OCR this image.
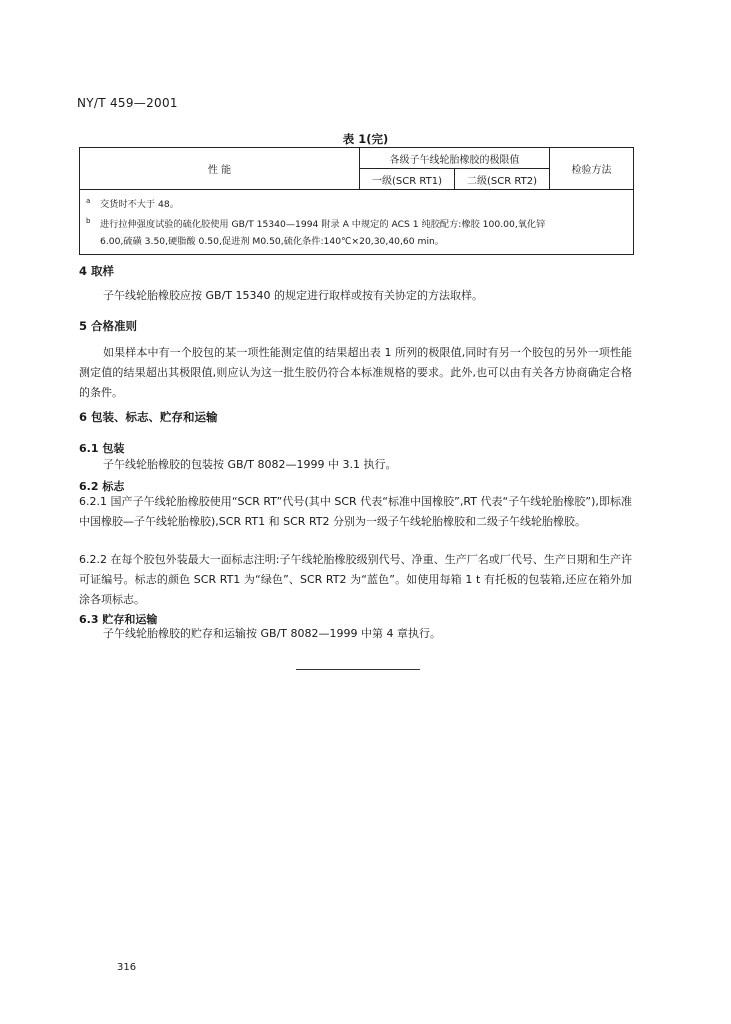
NY/T 459—2001
表 1(完)
性 能	各级子午线轮胎橡胶的极限值		检验方法
	一级(SCR RT1)	二级(SCR RT2)	

a 交货时不大于 48。
b 进行拉伸强度试验的硫化胶使用 GB/T 15340—1994 附录 A 中规定的 ACS 1 纯胶配方:橡胶 100.00,氧化锌
6.00,硫磺 3.50,硬脂酸 0.50,促进剂 M0.50,硫化条件:140℃×20,30,40,60 min。			
4 取样
子午线轮胎橡胶应按 GB/T 15340 的规定进行取样或按有关协定的方法取样。
5 合格准则
如果样本中有一个胶包的某一项性能测定值的结果超出表 1 所列的极限值,同时有另一个胶包的另外一项性能测定值的结果超出其极限值,则应认为这一批生胶仍符合本标准规格的要求。此外,也可以由有关各方协商确定合格的条件。
6 包装、标志、贮存和运输
6.1 包装
子午线轮胎橡胶的包装按 GB/T 8082—1999 中 3.1 执行。
6.2 标志
6.2.1 国产子午线轮胎橡胶使用“SCR RT”代号(其中 SCR 代表“标准中国橡胶”,RT 代表“子午线轮胎橡胶”),即标准中国橡胶—子午线轮胎橡胶),SCR RT1 和 SCR RT2 分别为一级子午线轮胎橡胶和二级子午线轮胎橡胶。
6.2.2 在每个胶包外装最大一面标志注明:子午线轮胎橡胶级别代号、净重、生产厂名或厂代号、生产日期和生产许可证编号。标志的颜色 SCR RT1 为“绿色”、SCR RT2 为“蓝色”。如使用每箱 1 t 有托板的包装箱,还应在箱外加涂各项标志。
6.3 贮存和运输
子午线轮胎橡胶的贮存和运输按 GB/T 8082—1999 中第 4 章执行。
316
